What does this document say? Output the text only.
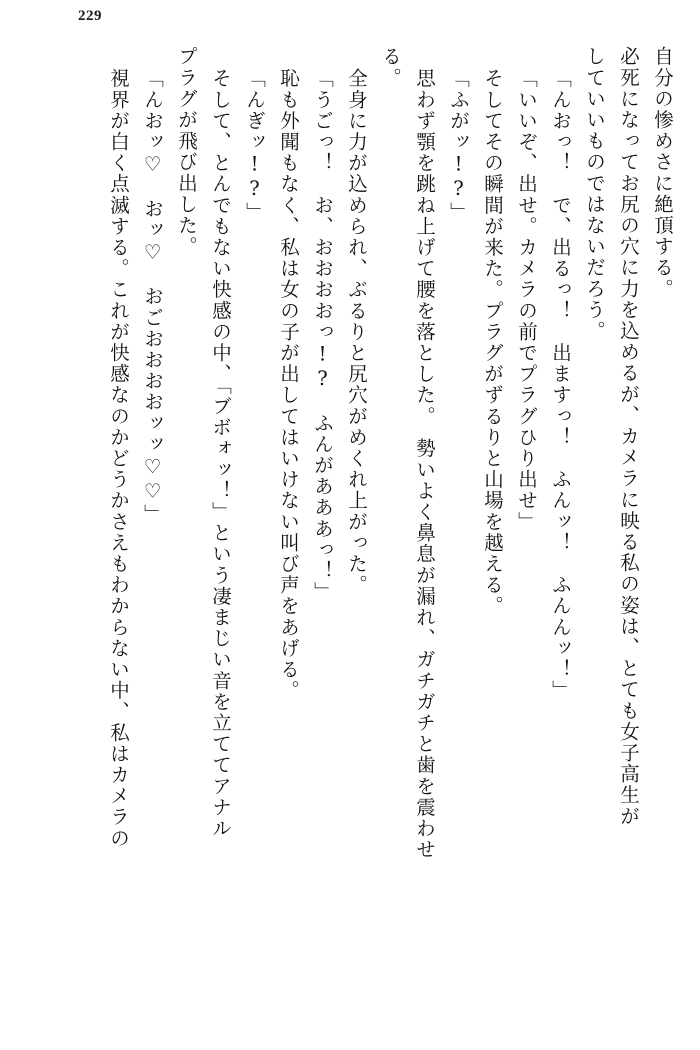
229
自分の惨めさに絶頂する。
必死になってお尻の穴に力を込めるが、カメラに映る私の姿は、とても女子高生が
していいものではないだろう。
「んおっ！　で、出るっ！　出ますっ！　ふんッ！　ふんんッ！」
「いいぞ、出せ。カメラの前でプラグひり出せ」
そしてその瞬間が来た。プラグがずるりと山場を越える。
「ふがッ!?」
思わず顎を跳ね上げて腰を落とした。　勢いよく鼻息が漏れ、ガチガチと歯を震わせ
る。
全身に力が込められ、ぶるりと尻穴がめくれ上がった。
「うごっ！　お、おおおおっ!?　ふんがあああっ！」
恥も外聞もなく、私は女の子が出してはいけない叫び声をあげる。
「んぎッ!?」
そして、とんでもない快感の中、「ブボォッ！」という凄まじい音を立ててアナル
プラグが飛び出した。
「んおッ♡　おッ♡　おごおおおおッッ♡♡」
視界が白く点滅する。これが快感なのかどうかさえもわからない中、私はカメラの
